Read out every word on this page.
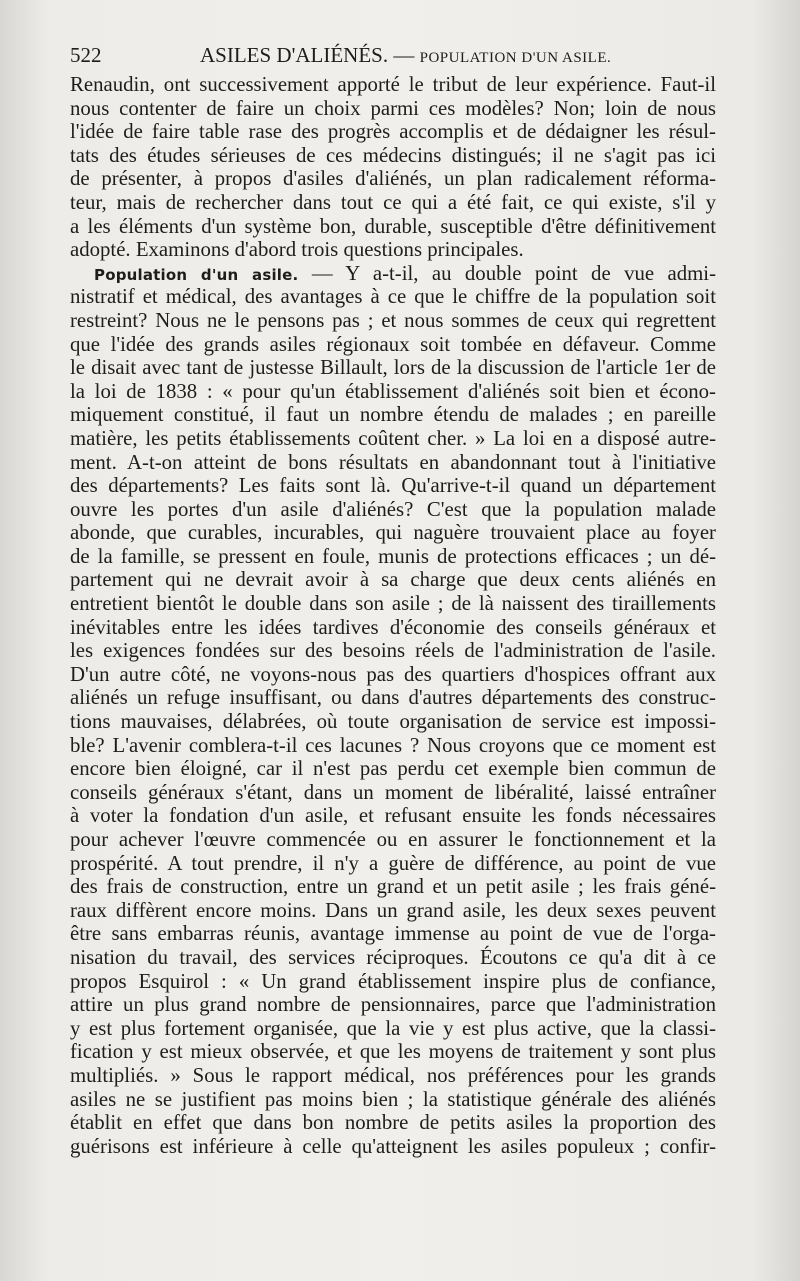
522	ASILES D'ALIÉNÉS. — POPULATION D'UN ASILE.
Renaudin, ont successivement apporté le tribut de leur expérience. Faut-il
nous contenter de faire un choix parmi ces modèles? Non; loin de nous
l'idée de faire table rase des progrès accomplis et de dédaigner les résul-
tats des études sérieuses de ces médecins distingués; il ne s'agit pas ici
de présenter, à propos d'asiles d'aliénés, un plan radicalement réforma-
teur, mais de rechercher dans tout ce qui a été fait, ce qui existe, s'il y
a les éléments d'un système bon, durable, susceptible d'être définitivement
adopté. Examinons d'abord trois questions principales.
Population d'un asile. — Y a-t-il, au double point de vue admi-
nistratif et médical, des avantages à ce que le chiffre de la population soit
restreint? Nous ne le pensons pas ; et nous sommes de ceux qui regrettent
que l'idée des grands asiles régionaux soit tombée en défaveur. Comme
le disait avec tant de justesse Billault, lors de la discussion de l'article 1er de
la loi de 1838 : « pour qu'un établissement d'aliénés soit bien et écono-
miquement constitué, il faut un nombre étendu de malades ; en pareille
matière, les petits établissements coûtent cher. » La loi en a disposé autre-
ment. A-t-on atteint de bons résultats en abandonnant tout à l'initiative
des départements? Les faits sont là. Qu'arrive-t-il quand un département
ouvre les portes d'un asile d'aliénés? C'est que la population malade
abonde, que curables, incurables, qui naguère trouvaient place au foyer
de la famille, se pressent en foule, munis de protections efficaces ; un dé-
partement qui ne devrait avoir à sa charge que deux cents aliénés en
entretient bientôt le double dans son asile ; de là naissent des tiraillements
inévitables entre les idées tardives d'économie des conseils généraux et
les exigences fondées sur des besoins réels de l'administration de l'asile.
D'un autre côté, ne voyons-nous pas des quartiers d'hospices offrant aux
aliénés un refuge insuffisant, ou dans d'autres départements des construc-
tions mauvaises, délabrées, où toute organisation de service est impossi-
ble? L'avenir comblera-t-il ces lacunes ? Nous croyons que ce moment est
encore bien éloigné, car il n'est pas perdu cet exemple bien commun de
conseils généraux s'étant, dans un moment de libéralité, laissé entraîner
à voter la fondation d'un asile, et refusant ensuite les fonds nécessaires
pour achever l'œuvre commencée ou en assurer le fonctionnement et la
prospérité. A tout prendre, il n'y a guère de différence, au point de vue
des frais de construction, entre un grand et un petit asile ; les frais géné-
raux diffèrent encore moins. Dans un grand asile, les deux sexes peuvent
être sans embarras réunis, avantage immense au point de vue de l'orga-
nisation du travail, des services réciproques. Écoutons ce qu'a dit à ce
propos Esquirol : « Un grand établissement inspire plus de confiance,
attire un plus grand nombre de pensionnaires, parce que l'administration
y est plus fortement organisée, que la vie y est plus active, que la classi-
fication y est mieux observée, et que les moyens de traitement y sont plus
multipliés. » Sous le rapport médical, nos préférences pour les grands
asiles ne se justifient pas moins bien ; la statistique générale des aliénés
établit en effet que dans bon nombre de petits asiles la proportion des
guérisons est inférieure à celle qu'atteignent les asiles populeux ; confir-
